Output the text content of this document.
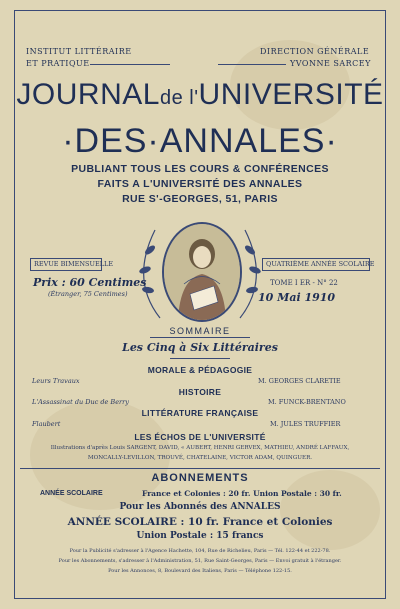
INSTITUT LITTÉRAIRE
ET PRATIQUE
DIRECTION GÉNÉRALE
YVONNE SARCEY
JOURNALde l'UNIVERSITÉ
·DES·ANNALES·
PUBLIANT TOUS LES COURS & CONFÉRENCES
FAITS A L'UNIVERSITÉ DES ANNALES
RUE S'-GEORGES, 51, PARIS
REVUE BIMENSUELLE
Prix : 60 Centimes
(Étranger, 75 Centimes)
QUATRIÈME ANNÉE SCOLAIRE
TOME I ER - N° 22
10 Mai 1910
SOMMAIRE
Les Cinq à Six Littéraires
MORALE & PÉDAGOGIE
Leurs Travaux	M. GEORGES CLARETIE
HISTOIRE
L'Assassinat du Duc de Berry	M. FUNCK-BRENTANO
LITTÉRATURE FRANÇAISE
Flaubert	M. JULES TRUFFIER
LES ÉCHOS DE L'UNIVERSITÉ
Illustrations d'après Louis SARGENT, DAVID, « AUBERT, HENRI GERVEX, MATHIEU, ANDRÉ LAFFAUX,
MONCALLY-LEVILLON, TROUVÉ, CHATELAINE, VICTOR ADAM, QUINGUER.
ABONNEMENTS
ANNÉE SCOLAIRE	France et Colonies : 20 fr. Union Postale : 30 fr.
Pour les Abonnés des ANNALES
ANNÉE SCOLAIRE : 10 fr. France et Colonies
Union Postale : 15 francs
Pour la Publicité s'adresser à l'Agence Hachette, 104, Rue de Richelieu, Paris — Tél. 122-44 et 222-78.
Pour les Abonnements, s'adresser à l'Administration, 51, Rue Saint-Georges, Paris — Envoi gratuit à l'étranger.
Pour les Annonces, 8, Boulevard des Italiens, Paris — Téléphone 122-15.
